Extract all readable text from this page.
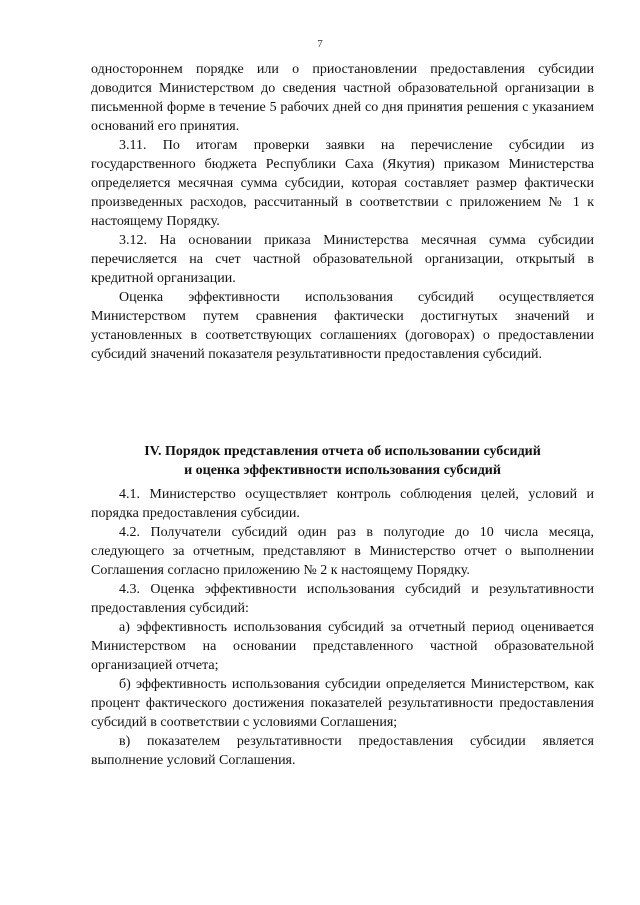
7

одностороннем порядке или о приостановлении предоставления субсидии доводится Министерством до сведения частной образовательной организации в письменной форме в течение 5 рабочих дней со дня принятия решения с указанием оснований его принятия.

3.11. По итогам проверки заявки на перечисление субсидии из государственного бюджета Республики Саха (Якутия) приказом Министерства определяется месячная сумма субсидии, которая составляет размер фактически произведенных расходов, рассчитанный в соответствии с приложением № 1 к настоящему Порядку.

3.12. На основании приказа Министерства месячная сумма субсидии перечисляется на счет частной образовательной организации, открытый в кредитной организации.

Оценка эффективности использования субсидий осуществляется Министерством путем сравнения фактически достигнутых значений и установленных в соответствующих соглашениях (договорах) о предоставлении субсидий значений показателя результативности предоставления субсидий.

IV. Порядок представления отчета об использовании субсидий
и оценка эффективности использования субсидий

4.1. Министерство осуществляет контроль соблюдения целей, условий и порядка предоставления субсидии.

4.2. Получатели субсидий один раз в полугодие до 10 числа месяца, следующего за отчетным, представляют в Министерство отчет о выполнении Соглашения согласно приложению № 2 к настоящему Порядку.

4.3. Оценка эффективности использования субсидий и результативности предоставления субсидий:

а) эффективность использования субсидий за отчетный период оценивается Министерством на основании представленного частной образовательной организацией отчета;

б) эффективность использования субсидии определяется Министерством, как процент фактического достижения показателей результативности предоставления субсидий в соответствии с условиями Соглашения;

в) показателем результативности предоставления субсидии является выполнение условий Соглашения.
